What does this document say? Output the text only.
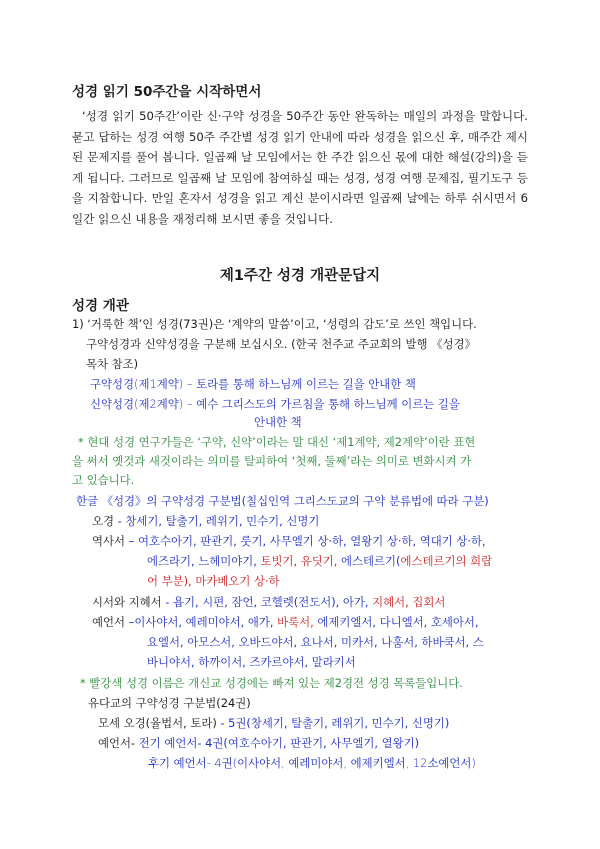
성경 읽기 50주간을 시작하면서
‘성경 읽기 50주간’이란 신·구약 성경을 50주간 동안 완독하는 매일의 과정을 말합니다. 묻고 답하는 성경 여행 50주 주간별 성경 읽기 안내에 따라 성경을 읽으신 후, 매주간 제시된 문제지를 풀어 봅니다. 일곱째 날 모임에서는 한 주간 읽으신 몫에 대한 해설(강의)을 듣게 됩니다. 그러므로 일곱째 날 모임에 참여하실 때는 성경, 성경 여행 문제집, 필기도구 등을 지참합니다. 만일 혼자서 성경을 읽고 계신 분이시라면 일곱째 날에는 하루 쉬시면서 6일간 읽으신 내용을 재정리해 보시면 좋을 것입니다.
제1주간 성경 개관문답지
성경 개관
1) ‘거룩한 책’인 성경(73권)은 ‘계약의 말씀’이고, ‘성령의 감도’로 쓰인 책입니다.
구약성경과 신약성경을 구분해 보십시오. (한국 천주교 주교회의 발행 《성경》
목차 참조)
구약성경(제1계약) – 토라를 통해 하느님께 이르는 길을 안내한 책
신약성경(제2계약) – 예수 그리스도의 가르침을 통해 하느님께 이르는 길을
안내한 책
* 현대 성경 연구가들은 ‘구약, 신약’이라는 말 대신 ‘제1계약, 제2계약’이란 표현
을 써서 옛것과 새것이라는 의미를 탈피하여 ‘첫째, 둘째’라는 의미로 변화시켜 가
고 있습니다.
한글 《성경》의 구약성경 구분법(칠십인역 그리스도교의 구약 분류법에 따라 구분)
오경 - 창세기, 탈출기, 레위기, 민수기, 신명기
역사서 – 여호수아기, 판관기, 룻기, 사무엘기 상·하, 열왕기 상·하, 역대기 상·하,
에즈라기, 느헤미야기, 토빗기, 유딧기, 에스테르기(에스테르기의 희랍
어 부분), 마카베오기 상·하
시서와 지혜서 - 욥기, 시편, 잠언, 코헬렛(전도서), 아가, 지혜서, 집회서
예언서 –이사야서, 예레미야서, 애가, 바룩서, 에제키엘서, 다니엘서, 호세아서,
요엘서, 아모스서, 오바드야서, 요나서, 미카서, 나훔서, 하바쿡서, 스
바니야서, 하까이서, 즈카르야서, 말라키서
* 빨강색 성경 이름은 개신교 성경에는 빠져 있는 제2경전 성경 목록들입니다.
유다교의 구약성경 구분법(24권)
모세 오경(율법서, 토라) - 5권(창세기, 탈출기, 레위기, 민수기, 신명기)
예언서- 전기 예언서- 4권(여호수아기, 판관기, 사무엘기, 열왕기)
후기 예언서- 4권(이사야서, 예레미야서, 에제키엘서, 12소예언서)
